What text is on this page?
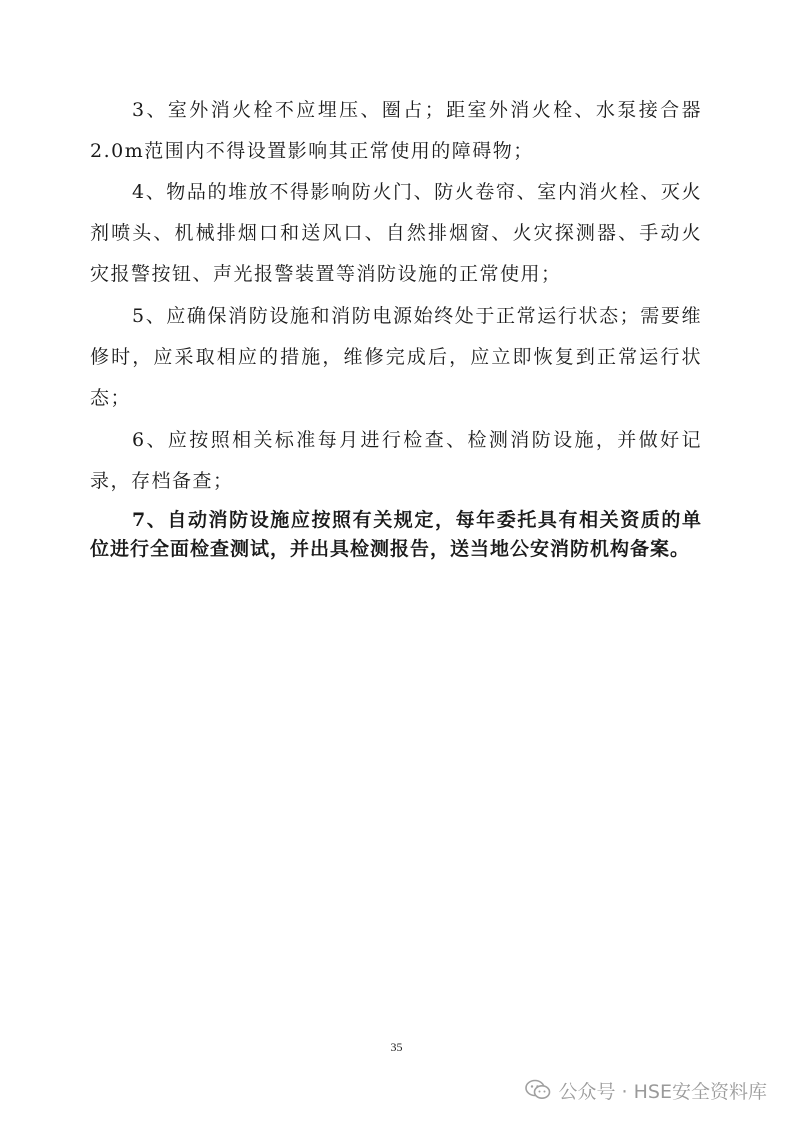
3、室外消火栓不应埋压、圈占；距室外消火栓、水泵接合器2.0m范围内不得设置影响其正常使用的障碍物；

4、物品的堆放不得影响防火门、防火卷帘、室内消火栓、灭火剂喷头、机械排烟口和送风口、自然排烟窗、火灾探测器、手动火灾报警按钮、声光报警装置等消防设施的正常使用；

5、应确保消防设施和消防电源始终处于正常运行状态；需要维修时，应采取相应的措施，维修完成后，应立即恢复到正常运行状态；

6、应按照相关标准每月进行检查、检测消防设施，并做好记录，存档备查；

7、自动消防设施应按照有关规定，每年委托具有相关资质的单位进行全面检查测试，并出具检测报告，送当地公安消防机构备案。

35
公众号 · HSE安全资料库
